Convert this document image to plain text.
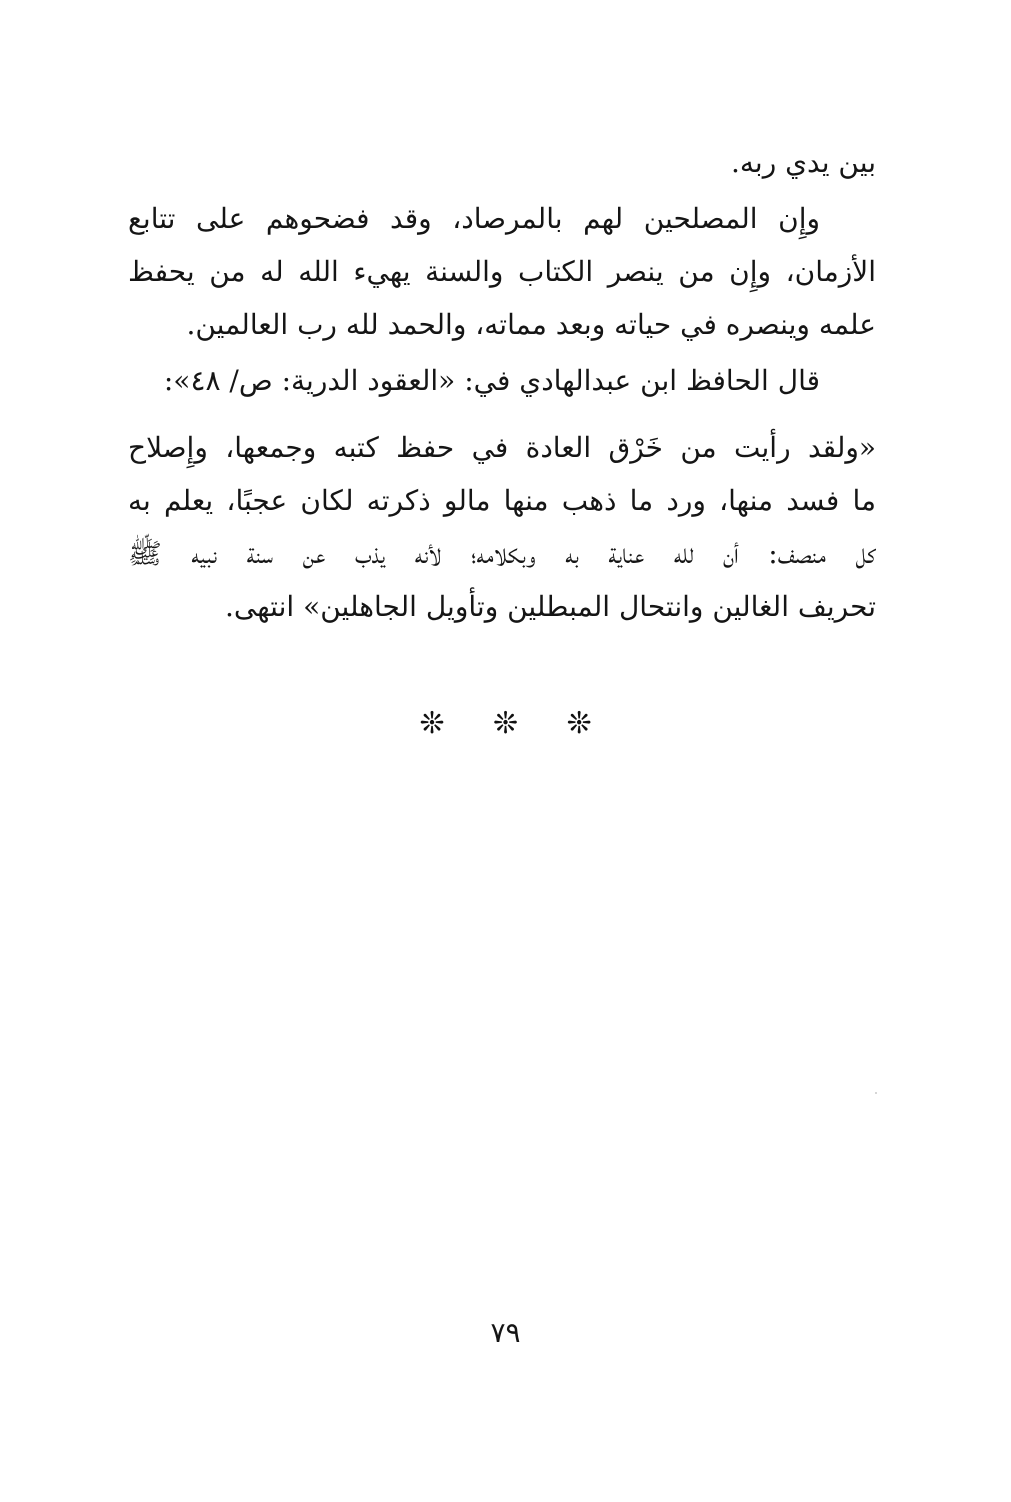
بين يدي ربه.
وإِن المصلحين لهم بالمرصاد، وقد فضحوهم على تتابع
الأزمان، وإِن من ينصر الكتاب والسنة يهيء الله له من يحفظ
علمه وينصره في حياته وبعد مماته، والحمد لله رب العالمين.
قال الحافظ ابن عبدالهادي في: «العقود الدرية: ص/ ٤٨»:
«ولقد رأيت من خَرْق العادة في حفظ كتبه وجمعها، وإِصلاح
ما فسد منها، ورد ما ذهب منها مالو ذكرته لكان عجبًا، يعلم به
كل منصف: أن لله عناية به وبكلامه؛ لأنه يذب عن سنة نبيه ﷺ
تحريف الغالين وانتحال المبطلين وتأويل الجاهلين» انتهى.
❊ ❊ ❊
٧٩
